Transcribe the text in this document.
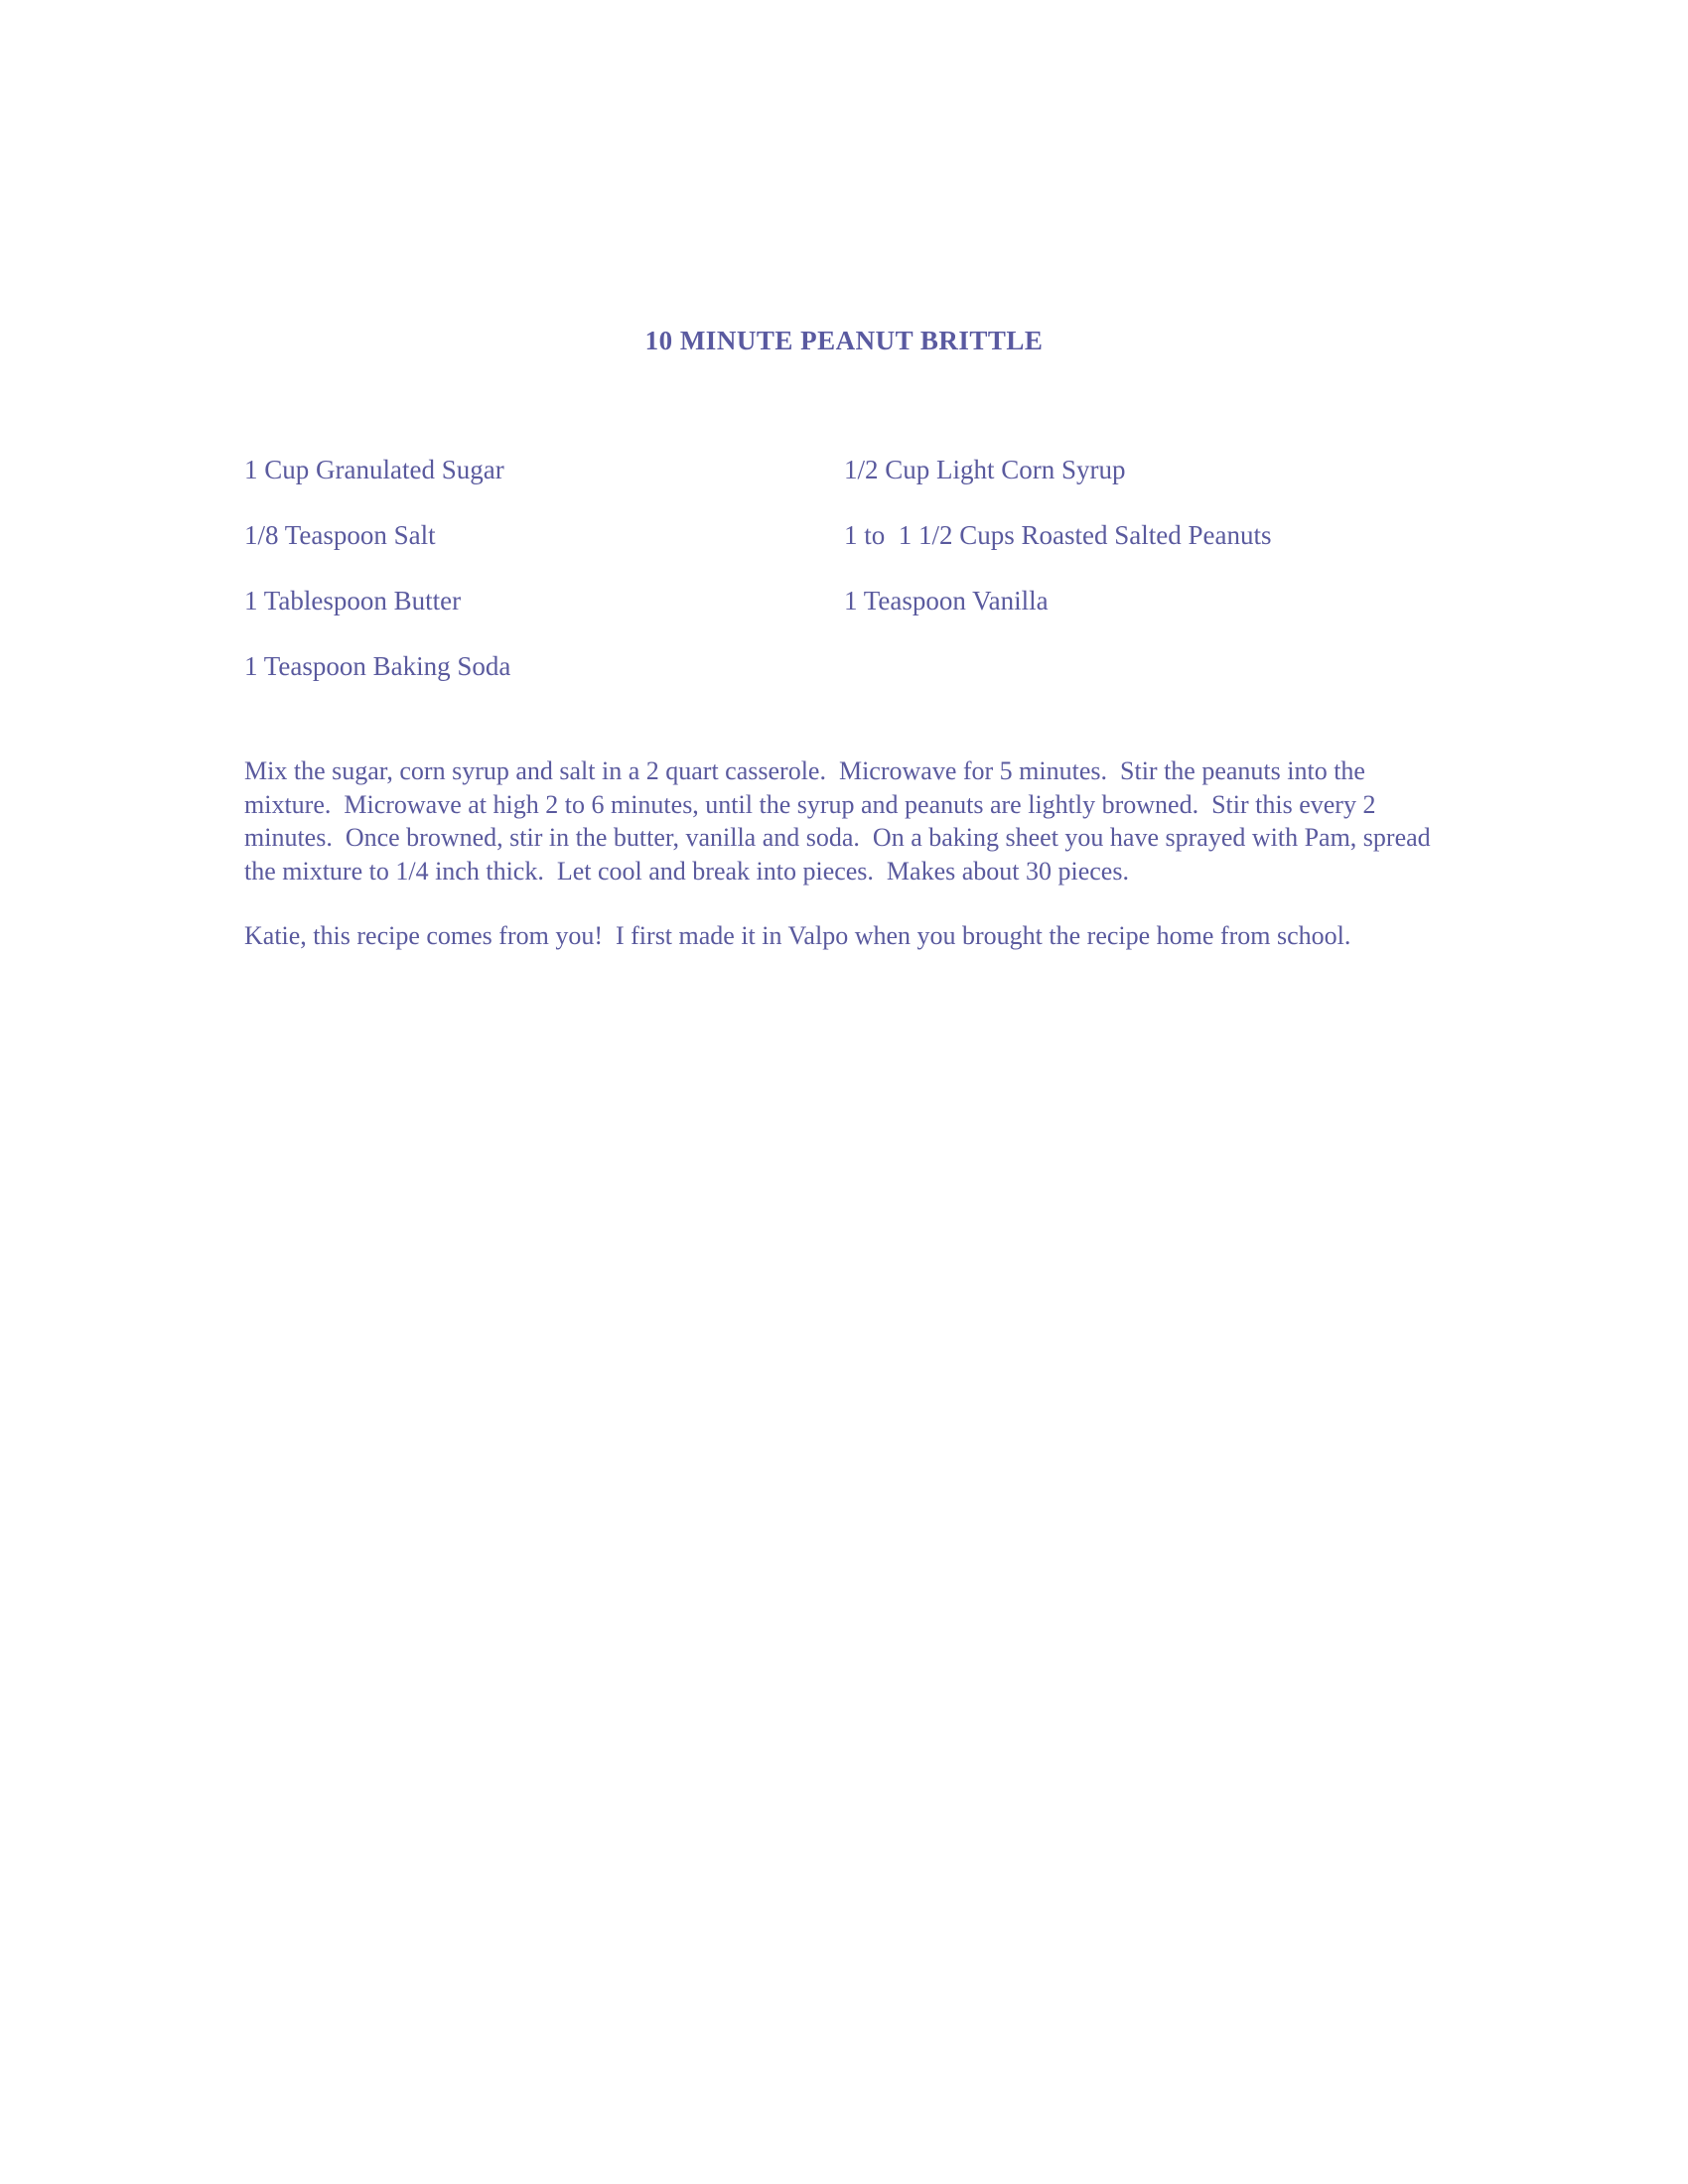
10 MINUTE PEANUT BRITTLE
1 Cup Granulated Sugar	1/2 Cup Light Corn Syrup
1/8 Teaspoon Salt	1 to  1 1/2 Cups Roasted Salted Peanuts
1 Tablespoon Butter	1 Teaspoon Vanilla
1 Teaspoon Baking Soda

Mix the sugar, corn syrup and salt in a 2 quart casserole.  Microwave for 5 minutes.  Stir the peanuts into the mixture.  Microwave at high 2 to 6 minutes, until the syrup and peanuts are lightly browned.  Stir this every 2 minutes.  Once browned, stir in the butter, vanilla and soda.  On a baking sheet you have sprayed with Pam, spread the mixture to 1/4 inch thick.  Let cool and break into pieces.  Makes about 30 pieces.

Katie, this recipe comes from you!  I first made it in Valpo when you brought the recipe home from school.
